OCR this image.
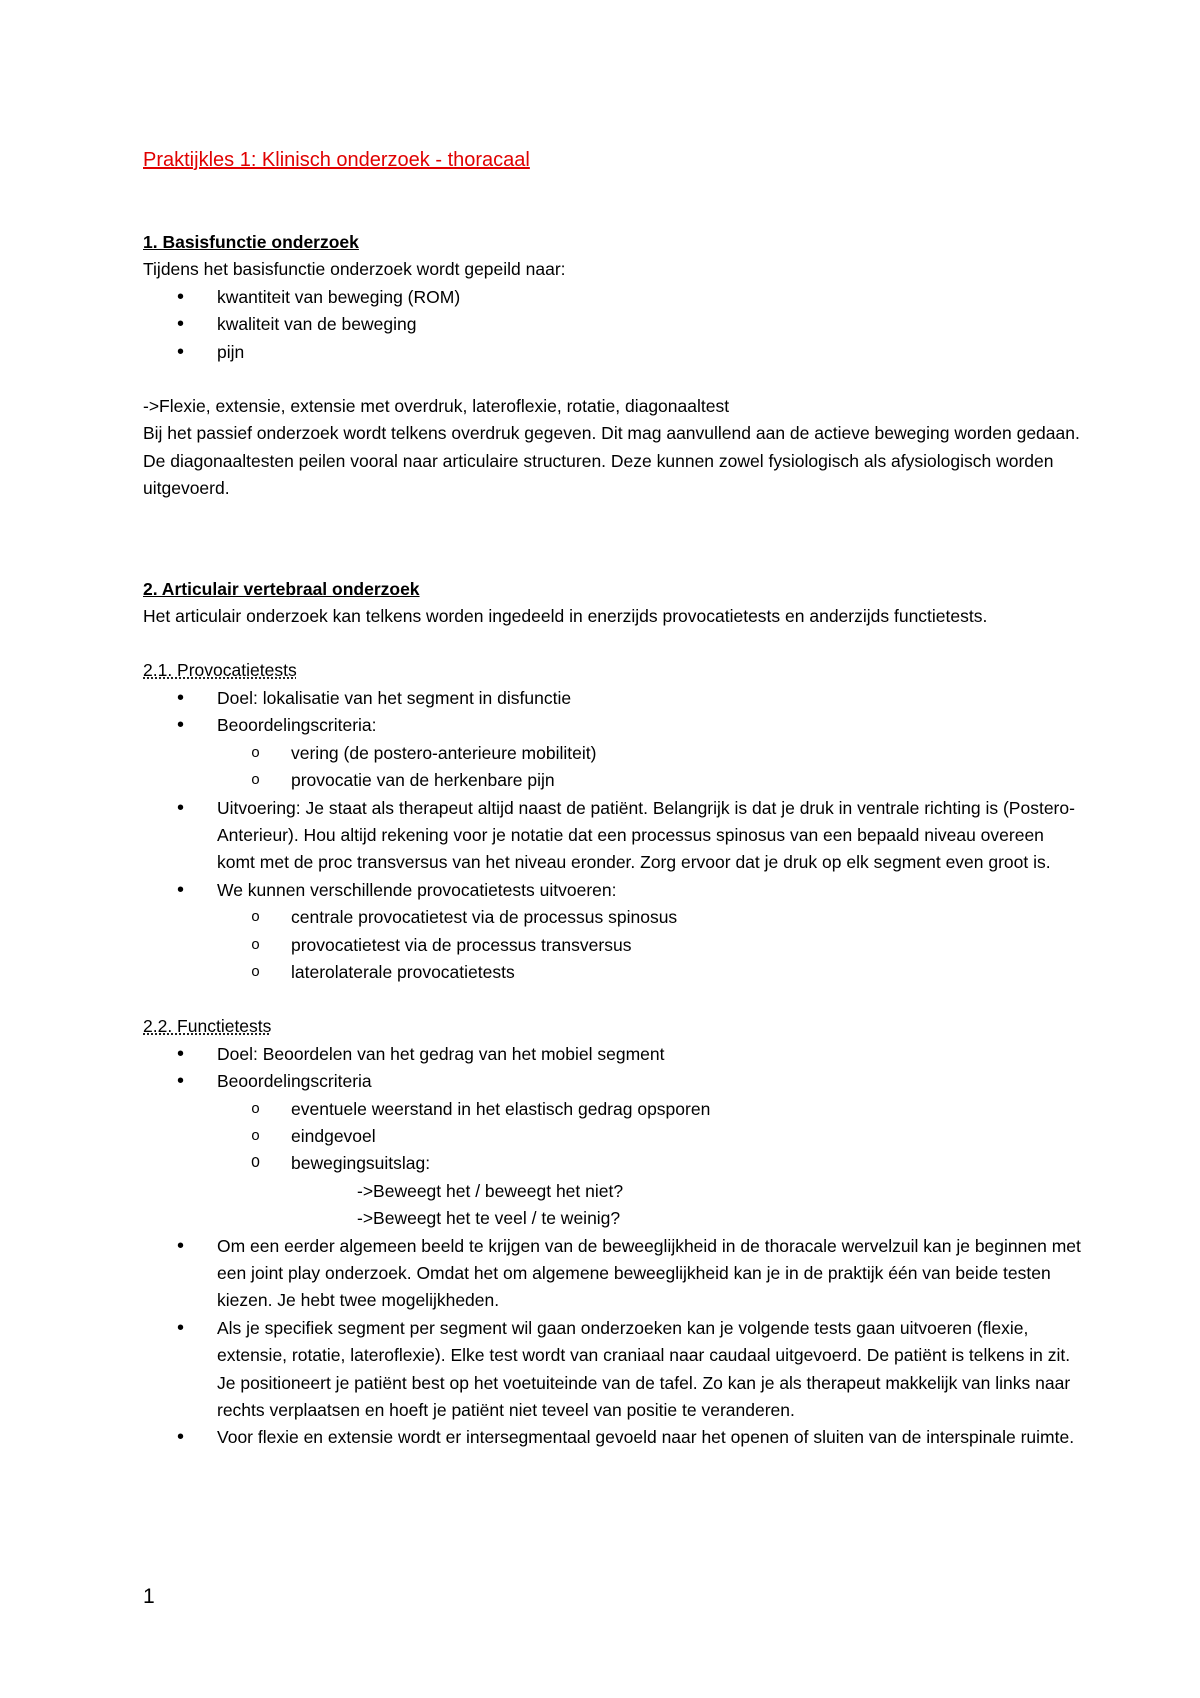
Praktijkles 1: Klinisch onderzoek - thoracaal

1. Basisfunctie onderzoek

Tijdens het basisfunctie onderzoek wordt gepeild naar:

• kwantiteit van beweging (ROM)
• kwaliteit van de beweging
• pijn

->Flexie, extensie, extensie met overdruk, lateroflexie, rotatie, diagonaaltest

Bij het passief onderzoek wordt telkens overdruk gegeven. Dit mag aanvullend aan de actieve beweging worden gedaan. De diagonaaltesten peilen vooral naar articulaire structuren. Deze kunnen zowel fysiologisch als afysiologisch worden uitgevoerd.

2. Articulair vertebraal onderzoek

Het articulair onderzoek kan telkens worden ingedeeld in enerzijds provocatietests en anderzijds functietests.

2.1. Provocatietests

• Doel: lokalisatie van het segment in disfunctie
• Beoordelingscriteria:
o vering (de postero-anterieure mobiliteit)
o provocatie van de herkenbare pijn
• Uitvoering: Je staat als therapeut altijd naast de patiënt. Belangrijk is dat je druk in ventrale richting is (Postero-Anterieur). Hou altijd rekening voor je notatie dat een processus spinosus van een bepaald niveau overeen komt met de proc transversus van het niveau eronder. Zorg ervoor dat je druk op elk segment even groot is.
• We kunnen verschillende provocatietests uitvoeren:
o centrale provocatietest via de processus spinosus
o provocatietest via de processus transversus
o laterolaterale provocatietests

2.2. Functietests

• Doel: Beoordelen van het gedrag van het mobiel segment
• Beoordelingscriteria
o eventuele weerstand in het elastisch gedrag opsporen
o eindgevoel
O bewegingsuitslag:

->Beweegt het / beweegt het niet?

->Beweegt het te veel / te weinig?

• Om een eerder algemeen beeld te krijgen van de beweeglijkheid in de thoracale wervelzuil kan je beginnen met een joint play onderzoek. Omdat het om algemene beweeglijkheid kan je in de praktijk één van beide testen kiezen. Je hebt twee mogelijkheden.
• Als je specifiek segment per segment wil gaan onderzoeken kan je volgende tests gaan uitvoeren (flexie, extensie, rotatie, lateroflexie). Elke test wordt van craniaal naar caudaal uitgevoerd. De patiënt is telkens in zit. Je positioneert je patiënt best op het voetuiteinde van de tafel. Zo kan je als therapeut makkelijk van links naar rechts verplaatsen en hoeft je patiënt niet teveel van positie te veranderen.
• Voor flexie en extensie wordt er intersegmentaal gevoeld naar het openen of sluiten van de interspinale ruimte.
1
